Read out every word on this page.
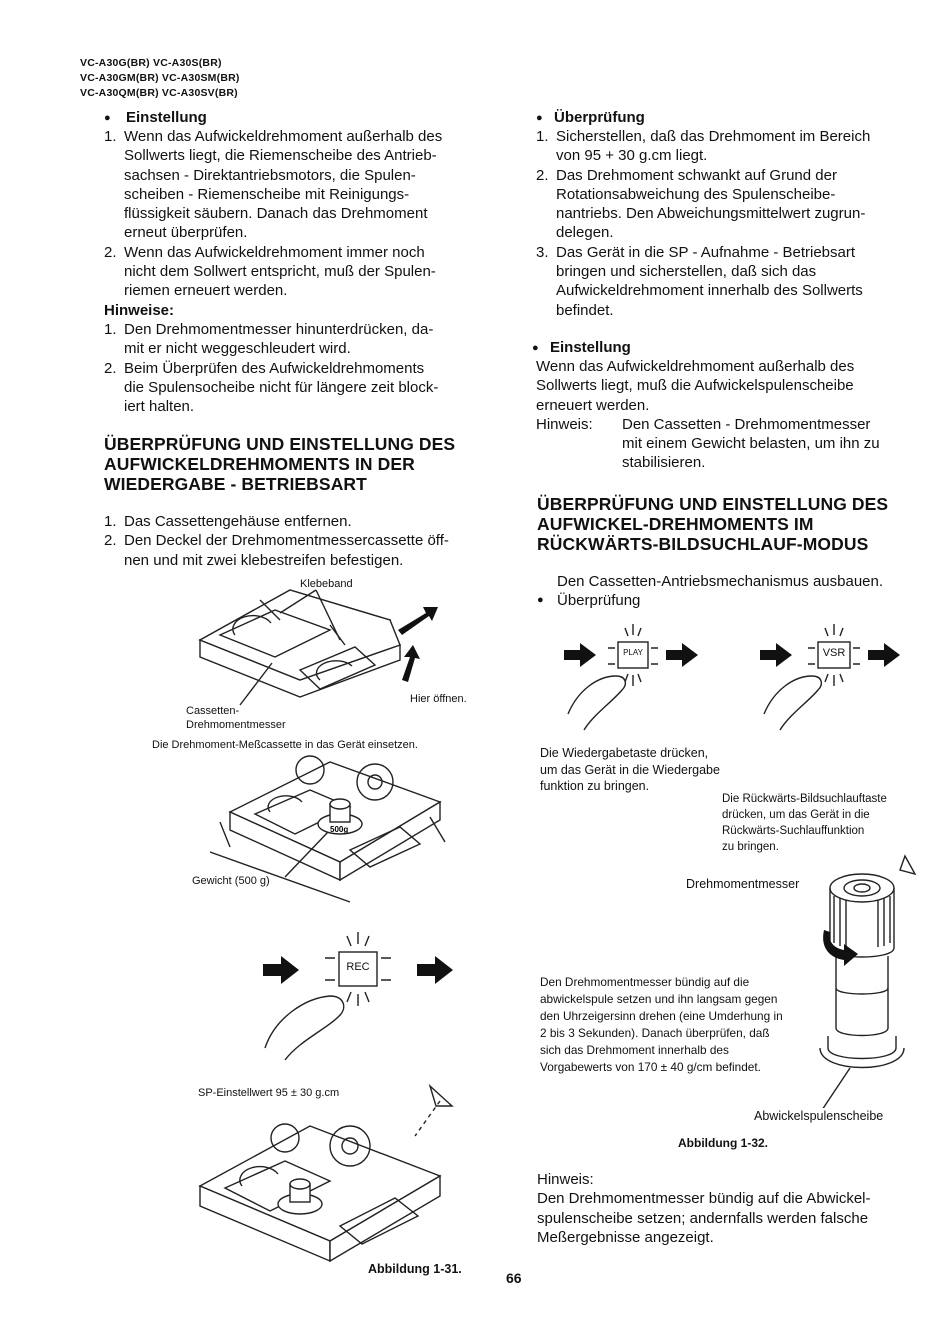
VC-A30G(BR) VC-A30S(BR)
VC-A30GM(BR) VC-A30SM(BR)
VC-A30QM(BR) VC-A30SV(BR)
● Einstellung
1. Wenn das Aufwickeldrehmoment außerhalb des
Sollwerts liegt, die Riemenscheibe des Antrieb-
sachsen - Direktantriebsmotors, die Spulen-
scheiben - Riemenscheibe mit Reinigungs-
flüssigkeit säubern. Danach das Drehmoment
erneut überprüfen.
2. Wenn das Aufwickeldrehmoment immer noch
nicht dem Sollwert entspricht, muß der Spulen-
riemen erneuert werden.
Hinweise:
1. Den Drehmomentmesser hinunterdrücken, da-
mit er nicht weggeschleudert wird.
2. Beim Überprüfen des Aufwickeldrehmoments
die Spulensocheibe nicht für längere zeit block-
iert halten.
ÜBERPRÜFUNG UND EINSTELLUNG DES
AUFWICKELDREHMOMENTS IN DER
WIEDERGABE - BETRIEBSART
1. Das Cassettengehäuse entfernen.
2. Den Deckel der Drehmomentmessercassette öff-
nen und mit zwei klebestreifen befestigen.
Klebeband
Hier öffnen.
Cassetten-
Drehmomentmesser
Die Drehmoment-Meßcassette in das Gerät einsetzen.
500g
Gewicht (500 g)
REC
SP-Einstellwert 95 ± 30 g.cm
Abbildung 1-31.
● Überprüfung
1. Sicherstellen, daß das Drehmoment im Bereich
von 95 + 30 g.cm liegt.
2. Das Drehmoment schwankt auf Grund der
Rotationsabweichung des Spulenscheibe-
nantriebs. Den Abweichungsmittelwert zugrun-
delegen.
3. Das Gerät in die SP - Aufnahme - Betriebsart
bringen und sicherstellen, daß sich das
Aufwickeldrehmoment innerhalb des Sollwerts
befindet.
● Einstellung
Wenn das Aufwickeldrehmoment außerhalb des
Sollwerts liegt, muß die Aufwickelspulenscheibe
erneuert werden.
Hinweis: Den Cassetten - Drehmomentmesser
mit einem Gewicht belasten, um ihn zu
stabilisieren.
ÜBERPRÜFUNG UND EINSTELLUNG DES
AUFWICKEL-DREHMOMENTS IM
RÜCKWÄRTS-BILDSUCHLAUF-MODUS
Den Cassetten-Antriebsmechanismus ausbauen.
● Überprüfung
PLAY	VSR
Die Wiedergabetaste drücken,
um das Gerät in die Wiedergabe
funktion zu bringen.
Die Rückwärts-Bildsuchlauftaste
drücken, um das Gerät in die
Rückwärts-Suchlauffunktion
zu bringen.
Drehmomentmesser
Den Drehmomentmesser bündig auf die
abwickelspule setzen und ihn langsam gegen
den Uhrzeigersinn drehen (eine Umderhung in
2 bis 3 Sekunden). Danach überprüfen, daß
sich das Drehmoment innerhalb des
Vorgabewerts von 170 ± 40 g/cm befindet.
Abwickelspulenscheibe
Abbildung 1-32.
Hinweis:
Den Drehmomentmesser bündig auf die Abwickel-
spulenscheibe setzen; andernfalls werden falsche
Meßergebnisse angezeigt.
66
